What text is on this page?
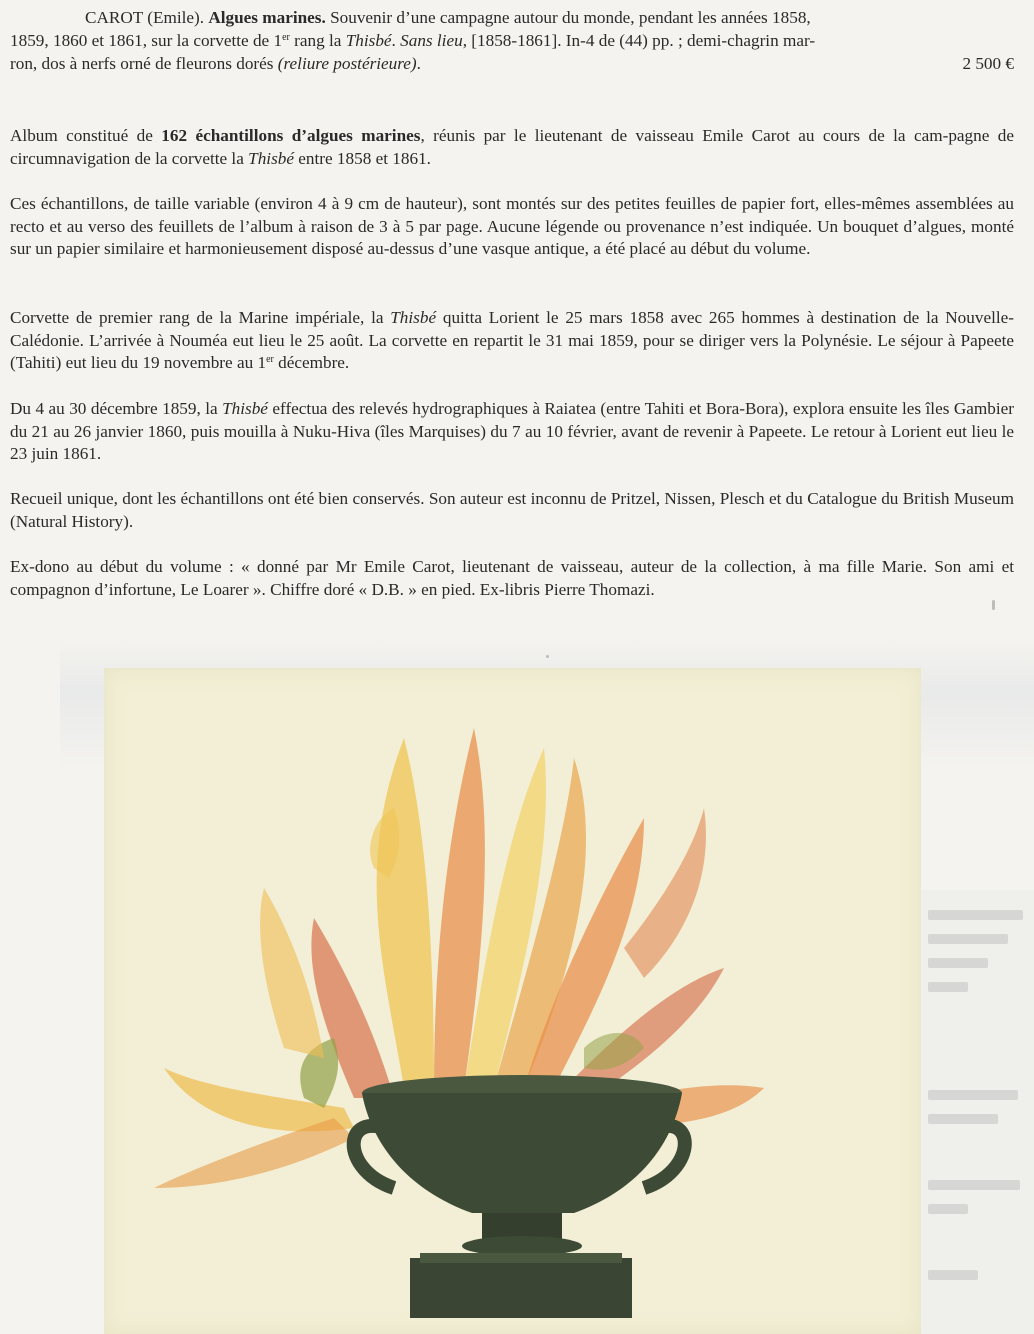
CAROT (Emile). Algues marines. Souvenir d’une campagne autour du monde, pendant les années 1858,
1859, 1860 et 1861, sur la corvette de 1er rang la Thisbé. Sans lieu, [1858-1861]. In-4 de (44) pp. ; demi-chagrin mar-
ron, dos à nerfs orné de fleurons dorés (reliure postérieure).	2 500 €

Album constitué de 162 échantillons d’algues marines, réunis par le lieutenant de vaisseau Emile Carot au cours de la cam-pagne de circumnavigation de la corvette la Thisbé entre 1858 et 1861.

Ces échantillons, de taille variable (environ 4 à 9 cm de hauteur), sont montés sur des petites feuilles de papier fort, elles-mêmes assemblées au recto et au verso des feuillets de l’album à raison de 3 à 5 par page. Aucune légende ou provenance n’est indiquée. Un bouquet d’algues, monté sur un papier similaire et harmonieusement disposé au-dessus d’une vasque antique, a été placé au début du volume.

Corvette de premier rang de la Marine impériale, la Thisbé quitta Lorient le 25 mars 1858 avec 265 hommes à destination de la Nouvelle-Calédonie. L’arrivée à Nouméa eut lieu le 25 août. La corvette en repartit le 31 mai 1859, pour se diriger vers la Polynésie. Le séjour à Papeete (Tahiti) eut lieu du 19 novembre au 1er décembre.

Du 4 au 30 décembre 1859, la Thisbé effectua des relevés hydrographiques à Raiatea (entre Tahiti et Bora-Bora), explora ensuite les îles Gambier du 21 au 26 janvier 1860, puis mouilla à Nuku-Hiva (îles Marquises) du 7 au 10 février, avant de revenir à Papeete. Le retour à Lorient eut lieu le 23 juin 1861.

Recueil unique, dont les échantillons ont été bien conservés. Son auteur est inconnu de Pritzel, Nissen, Plesch et du Catalogue du British Museum (Natural History).

Ex-dono au début du volume : « donné par Mr Emile Carot, lieutenant de vaisseau, auteur de la collection, à ma fille Marie. Son ami et compagnon d’infortune, Le Loarer ». Chiffre doré « D.B. » en pied. Ex-libris Pierre Thomazi.
